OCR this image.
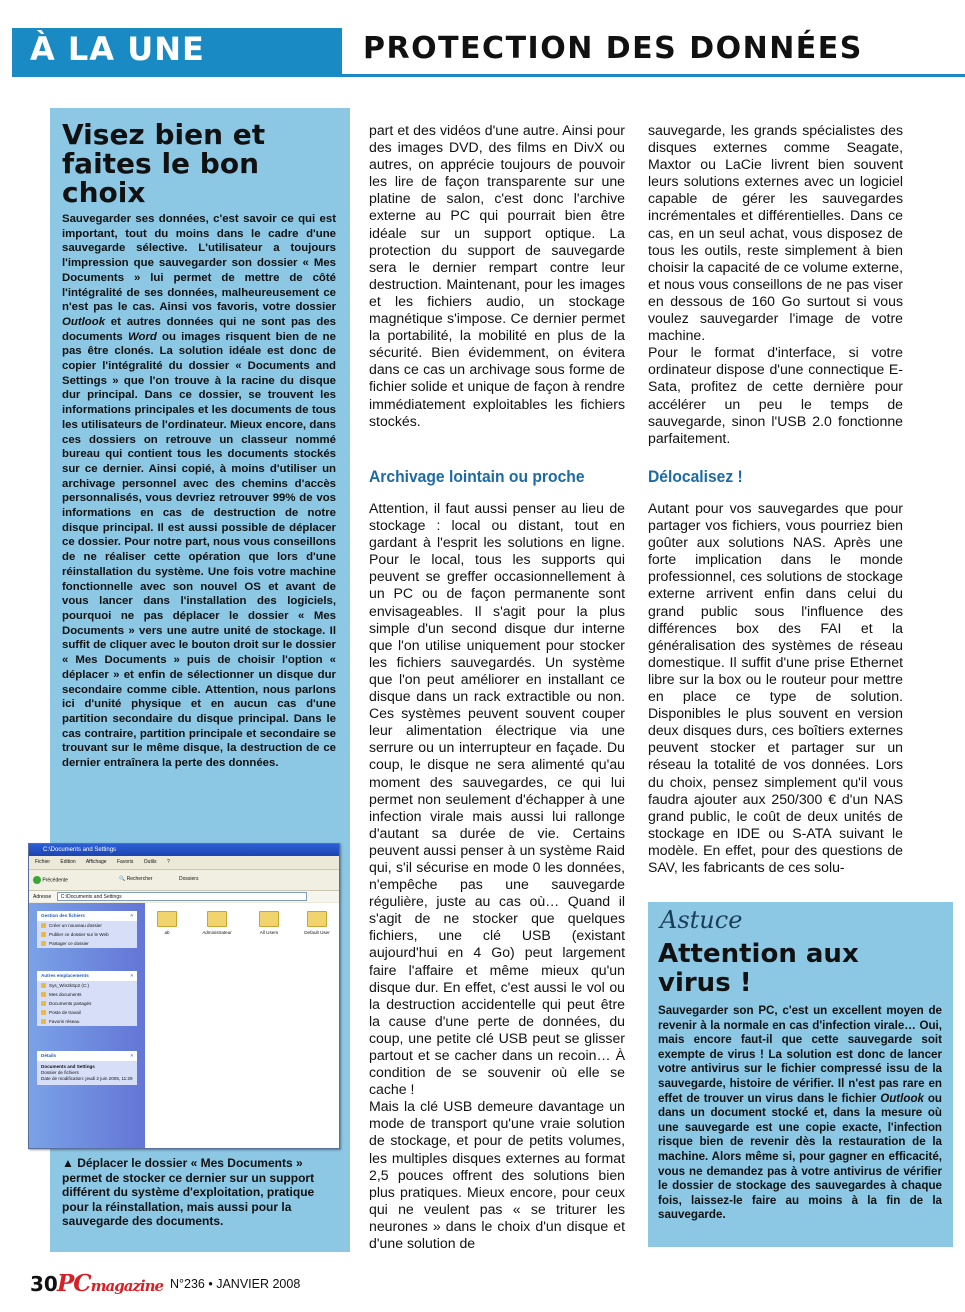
À LA UNE	PROTECTION DES DONNÉES
Visez bien et faites le bon choix

Sauvegarder ses données, c'est savoir ce qui est important, tout du moins dans le cadre d'une sauvegarde sélective. L'utilisateur a toujours l'impression que sauvegarder son dossier « Mes Documents » lui permet de mettre de côté l'intégralité de ses données, malheureusement ce n'est pas le cas. Ainsi vos favoris, votre dossier Outlook et autres données qui ne sont pas des documents Word ou images risquent bien de ne pas être clonés. La solution idéale est donc de copier l'intégralité du dossier « Documents and Settings » que l'on trouve à la racine du disque dur principal. Dans ce dossier, se trouvent les informations principales et les documents de tous les utilisateurs de l'ordinateur. Mieux encore, dans ces dossiers on retrouve un classeur nommé bureau qui contient tous les documents stockés sur ce dernier. Ainsi copié, à moins d'utiliser un archivage personnel avec des chemins d'accès personnalisés, vous devriez retrouver 99% de vos informations en cas de destruction de notre disque principal. Il est aussi possible de déplacer ce dossier. Pour notre part, nous vous conseillons de ne réaliser cette opération que lors d'une réinstallation du système. Une fois votre machine fonctionnelle avec son nouvel OS et avant de vous lancer dans l'installation des logiciels, pourquoi ne pas déplacer le dossier « Mes Documents » vers une autre unité de stockage. Il suffit de cliquer avec le bouton droit sur le dossier « Mes Documents » puis de choisir l'option « déplacer » et enfin de sélectionner un disque dur secondaire comme cible. Attention, nous parlons ici d'unité physique et en aucun cas d'une partition secondaire du disque principal. Dans le cas contraire, partition principale et secondaire se trouvant sur le même disque, la destruction de ce dernier entraînera la perte des données.

C:\Documents and Settings
Fichier Edition Affichage Favoris Outils ?
Précédente	🔍 Rechercher	Dossiers
Adresse C:\Documents and Settings
Gestion des fichiers	˄
Créer un nouveau dossier
Publier ce dossier sur le Web
Partager ce dossier
Autres emplacements	˄
Sys_Win2kSp2 (C:)
Mes documents
Documents partagés
Poste de travail
Favoris réseau
Détails	˄
Documents and Settings
Dossier de fichiers
Date de modification: jeudi 2 juin 2005, 11:29
ab	Administrateur	All Users	Default User

▲ Déplacer le dossier « Mes Documents » permet de stocker ce dernier sur un support différent du système d'exploitation, pratique pour la réinstallation, mais aussi pour la sauvegarde des documents.

part et des vidéos d'une autre. Ainsi pour des images DVD, des films en DivX ou autres, on apprécie toujours de pouvoir les lire de façon transparente sur une platine de salon, c'est donc l'archive externe au PC qui pourrait bien être idéale sur un support optique. La protection du support de sauvegarde sera le dernier rempart contre leur destruction. Maintenant, pour les images et les fichiers audio, un stockage magnétique s'impose. Ce dernier permet la portabilité, la mobilité en plus de la sécurité. Bien évidemment, on évitera dans ce cas un archivage sous forme de fichier solide et unique de façon à rendre immédiatement exploitables les fichiers stockés.

Archivage lointain ou proche

Attention, il faut aussi penser au lieu de stockage : local ou distant, tout en gardant à l'esprit les solutions en ligne. Pour le local, tous les supports qui peuvent se greffer occasionnellement à un PC ou de façon permanente sont envisageables. Il s'agit pour la plus simple d'un second disque dur interne que l'on utilise uniquement pour stocker les fichiers sauvegardés. Un système que l'on peut améliorer en installant ce disque dans un rack extractible ou non. Ces systèmes peuvent souvent couper leur alimentation électrique via une serrure ou un interrupteur en façade. Du coup, le disque ne sera alimenté qu'au moment des sauvegardes, ce qui lui permet non seulement d'échapper à une infection virale mais aussi lui rallonge d'autant sa durée de vie. Certains peuvent aussi penser à un système Raid qui, s'il sécurise en mode 0 les données, n'empêche pas une sauvegarde régulière, juste au cas où… Quand il s'agit de ne stocker que quelques fichiers, une clé USB (existant aujourd'hui en 4 Go) peut largement faire l'affaire et même mieux qu'un disque dur. En effet, c'est aussi le vol ou la destruction accidentelle qui peut être la cause d'une perte de données, du coup, une petite clé USB peut se glisser partout et se cacher dans un recoin… À condition de se souvenir où elle se cache !

Mais la clé USB demeure davantage un mode de transport qu'une vraie solution de stockage, et pour de petits volumes, les multiples disques externes au format 2,5 pouces offrent des solutions bien plus pratiques. Mieux encore, pour ceux qui ne veulent pas « se triturer les neurones » dans le choix d'un disque et d'une solution de

sauvegarde, les grands spécialistes des disques externes comme Seagate, Maxtor ou LaCie livrent bien souvent leurs solutions externes avec un logiciel capable de gérer les sauvegardes incrémentales et différentielles. Dans ce cas, en un seul achat, vous disposez de tous les outils, reste simplement à bien choisir la capacité de ce volume externe, et nous vous conseillons de ne pas viser en dessous de 160 Go surtout si vous voulez sauvegarder l'image de votre machine.

Pour le format d'interface, si votre ordinateur dispose d'une connectique E-Sata, profitez de cette dernière pour accélérer un peu le temps de sauvegarde, sinon l'USB 2.0 fonctionne parfaitement.

Délocalisez !

Autant pour vos sauvegardes que pour partager vos fichiers, vous pourriez bien goûter aux solutions NAS. Après une forte implication dans le monde professionnel, ces solutions de stockage externe arrivent enfin dans celui du grand public sous l'influence des différences box des FAI et la généralisation des systèmes de réseau domestique. Il suffit d'une prise Ethernet libre sur la box ou le routeur pour mettre en place ce type de solution. Disponibles le plus souvent en version deux disques durs, ces boîtiers externes peuvent stocker et partager sur un réseau la totalité de vos données. Lors du choix, pensez simplement qu'il vous faudra ajouter aux 250/300 € d'un NAS grand public, le coût de deux unités de stockage en IDE ou S-ATA suivant le modèle. En effet, pour des questions de SAV, les fabricants de ces solu-

Astuce
Attention aux virus !

Sauvegarder son PC, c'est un excellent moyen de revenir à la normale en cas d'infection virale… Oui, mais encore faut-il que cette sauvegarde soit exempte de virus ! La solution est donc de lancer votre antivirus sur le fichier compressé issu de la sauvegarde, histoire de vérifier. Il n'est pas rare en effet de trouver un virus dans le fichier Outlook ou dans un document stocké et, dans la mesure où une sauvegarde est une copie exacte, l'infection risque bien de revenir dès la restauration de la machine. Alors même si, pour gagner en efficacité, vous ne demandez pas à votre antivirus de vérifier le dossier de stockage des sauvegardes à chaque fois, laissez-le faire au moins à la fin de la sauvegarde.

30 PCmagazine N°236 • JANVIER 2008
